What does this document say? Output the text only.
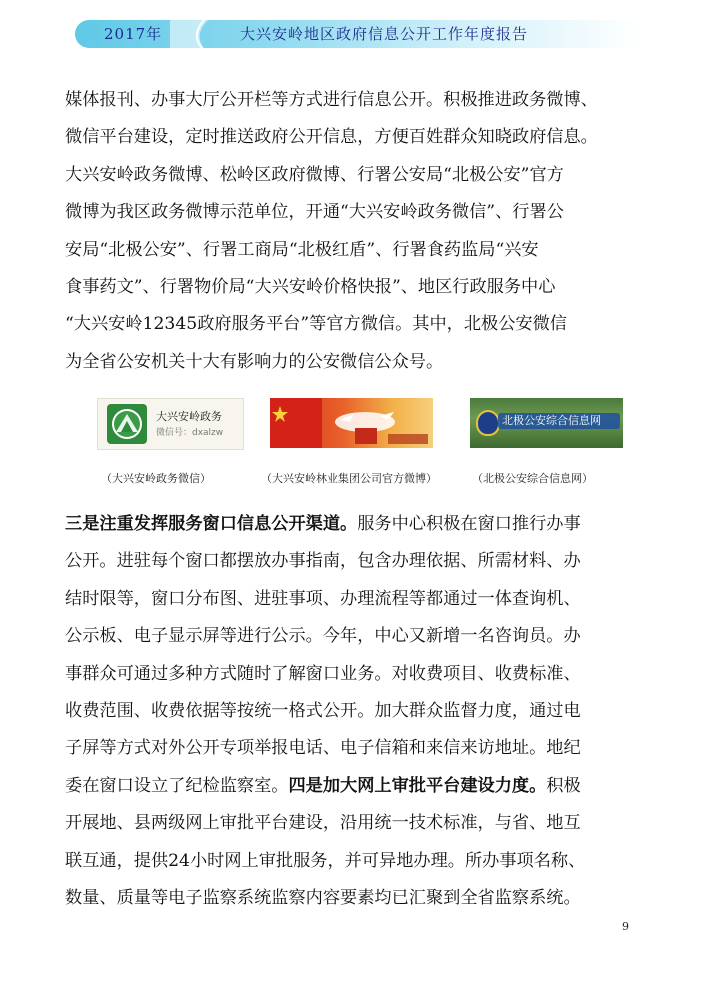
2017年	大兴安岭地区政府信息公开工作年度报告

媒体报刊、办事大厅公开栏等方式进行信息公开。积极推进政务微博、

微信平台建设，定时推送政府公开信息，方便百姓群众知晓政府信息。

大兴安岭政务微博、松岭区政府微博、行署公安局“北极公安”官方

微博为我区政务微博示范单位，开通“大兴安岭政务微信”、行署公

安局“北极公安”、行署工商局“北极红盾”、行署食药监局“兴安

食事药文”、行署物价局“大兴安岭价格快报”、地区行政服务中心

“大兴安岭12345政府服务平台”等官方微信。其中，北极公安微信

为全省公安机关十大有影响力的公安微信公众号。

大兴安岭政务
微信号：dxalzw
北极公安综合信息网
（大兴安岭政务微信）	（大兴安岭林业集团公司官方微博）	（北极公安综合信息网）

三是注重发挥服务窗口信息公开渠道。服务中心积极在窗口推行办事

公开。进驻每个窗口都摆放办事指南，包含办理依据、所需材料、办

结时限等，窗口分布图、进驻事项、办理流程等都通过一体查询机、

公示板、电子显示屏等进行公示。今年，中心又新增一名咨询员。办

事群众可通过多种方式随时了解窗口业务。对收费项目、收费标准、

收费范围、收费依据等按统一格式公开。加大群众监督力度，通过电

子屏等方式对外公开专项举报电话、电子信箱和来信来访地址。地纪

委在窗口设立了纪检监察室。四是加大网上审批平台建设力度。积极

开展地、县两级网上审批平台建设，沿用统一技术标准，与省、地互

联互通，提供24小时网上审批服务，并可异地办理。所办事项名称、

数量、质量等电子监察系统监察内容要素均已汇聚到全省监察系统。

9
